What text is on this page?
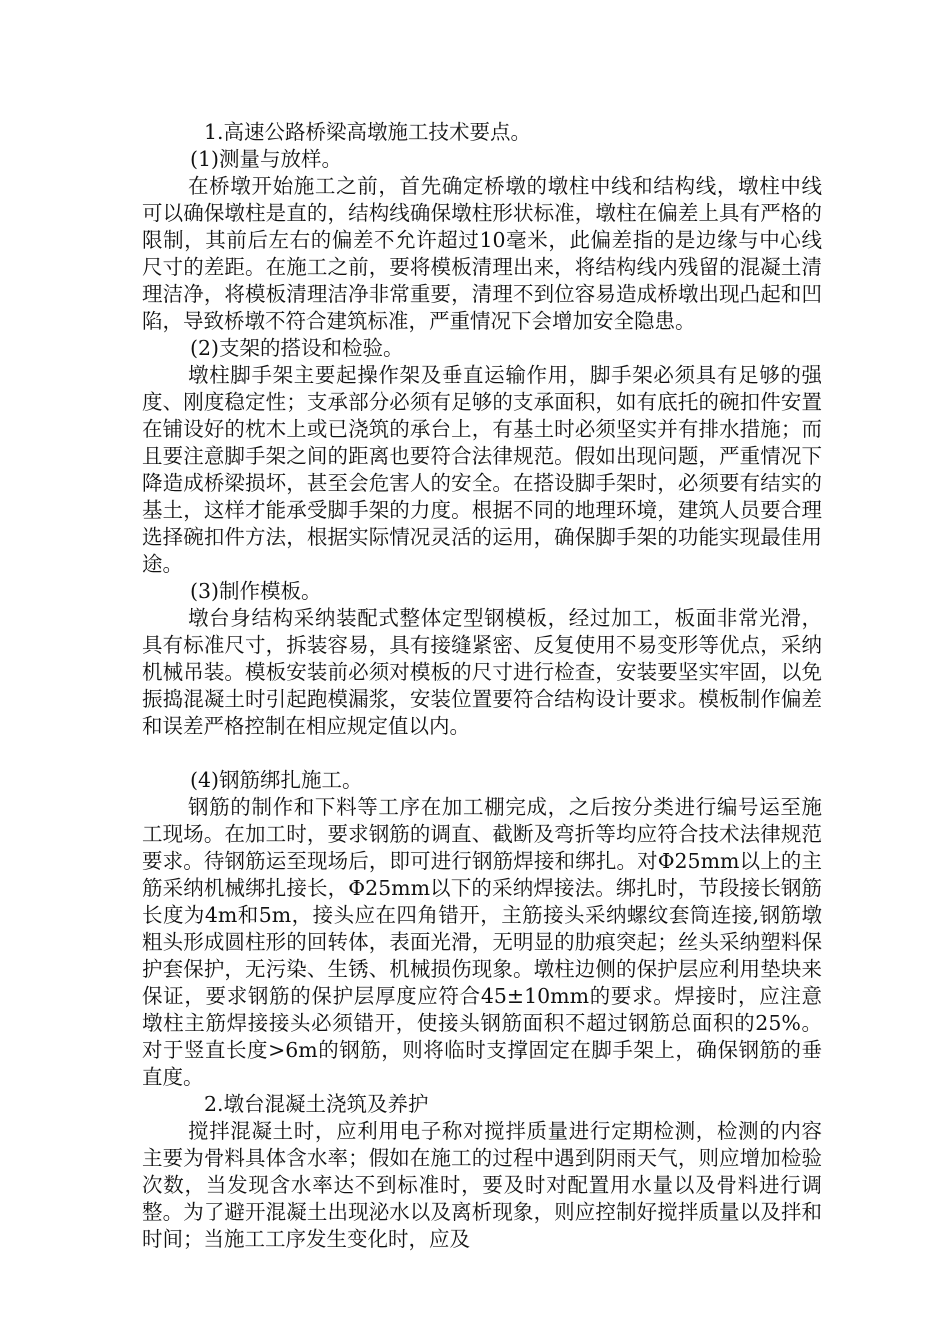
1.高速公路桥梁高墩施工技术要点。

(1)测量与放样。

在桥墩开始施工之前，首先确定桥墩的墩柱中线和结构线，墩柱中线可以确保墩柱是直的，结构线确保墩柱形状标准，墩柱在偏差上具有严格的限制，其前后左右的偏差不允许超过10毫米，此偏差指的是边缘与中心线尺寸的差距。在施工之前，要将模板清理出来，将结构线内残留的混凝土清理洁净，将模板清理洁净非常重要，清理不到位容易造成桥墩出现凸起和凹陷，导致桥墩不符合建筑标准，严重情况下会增加安全隐患。

(2)支架的搭设和检验。

墩柱脚手架主要起操作架及垂直运输作用，脚手架必须具有足够的强度、刚度稳定性；支承部分必须有足够的支承面积，如有底托的碗扣件安置在铺设好的枕木上或已浇筑的承台上，有基土时必须坚实并有排水措施；而且要注意脚手架之间的距离也要符合法律规范。假如出现问题，严重情况下降造成桥梁损坏，甚至会危害人的安全。在搭设脚手架时，必须要有结实的基土，这样才能承受脚手架的力度。根据不同的地理环境，建筑人员要合理选择碗扣件方法，根据实际情况灵活的运用，确保脚手架的功能实现最佳用途。

(3)制作模板。

墩台身结构采纳装配式整体定型钢模板，经过加工，板面非常光滑，具有标准尺寸，拆装容易，具有接缝紧密、反复使用不易变形等优点，采纳机械吊装。模板安装前必须对模板的尺寸进行检查，安装要坚实牢固，以免振捣混凝土时引起跑模漏浆，安装位置要符合结构设计要求。模板制作偏差和误差严格控制在相应规定值以内。

(4)钢筋绑扎施工。

钢筋的制作和下料等工序在加工棚完成，之后按分类进行编号运至施工现场。在加工时，要求钢筋的调直、截断及弯折等均应符合技术法律规范要求。待钢筋运至现场后，即可进行钢筋焊接和绑扎。对Φ25mm以上的主筋采纳机械绑扎接长，Φ25mm以下的采纳焊接法。绑扎时，节段接长钢筋长度为4m和5m，接头应在四角错开，主筋接头采纳螺纹套筒连接,钢筋墩粗头形成圆柱形的回转体，表面光滑，无明显的肋痕突起；丝头采纳塑料保护套保护，无污染、生锈、机械损伤现象。墩柱边侧的保护层应利用垫块来保证，要求钢筋的保护层厚度应符合45±10mm的要求。焊接时，应注意墩柱主筋焊接接头必须错开，使接头钢筋面积不超过钢筋总面积的25%。对于竖直长度>6m的钢筋，则将临时支撑固定在脚手架上，确保钢筋的垂直度。

2.墩台混凝土浇筑及养护

搅拌混凝土时，应利用电子称对搅拌质量进行定期检测，检测的内容主要为骨料具体含水率；假如在施工的过程中遇到阴雨天气，则应增加检验次数，当发现含水率达不到标准时，要及时对配置用水量以及骨料进行调整。为了避开混凝土出现泌水以及离析现象，则应控制好搅拌质量以及拌和时间；当施工工序发生变化时，应及
